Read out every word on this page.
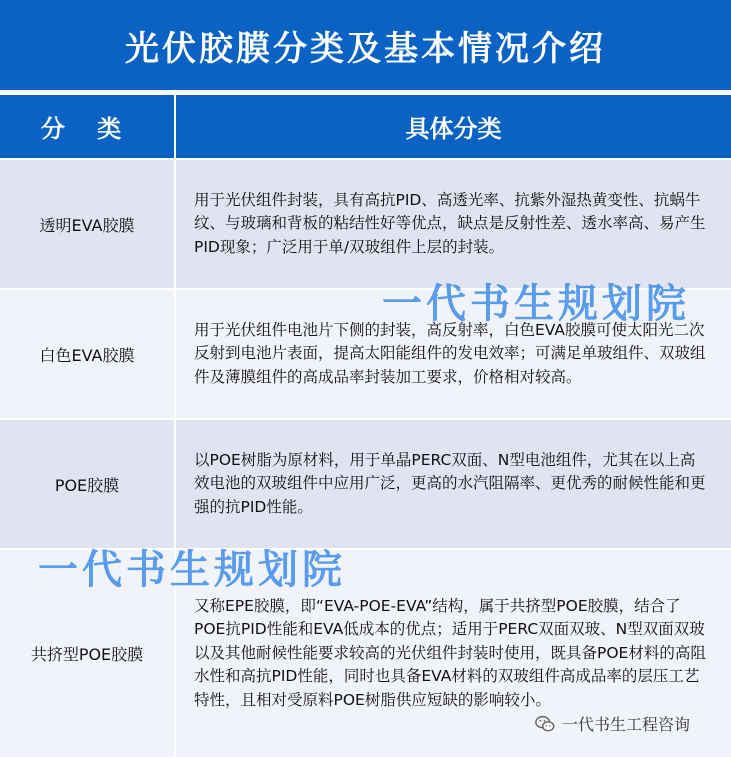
光伏胶膜分类及基本情况介绍
分 类	具体分类
透明EVA胶膜
用于光伏组件封装，具有高抗PID、高透光率、抗紫外湿热黄变性、抗蜗牛纹、与玻璃和背板的粘结性好等优点，缺点是反射性差、透水率高、易产生PID现象；广泛用于单/双玻组件上层的封装。
白色EVA胶膜
用于光伏组件电池片下侧的封装，高反射率，白色EVA胶膜可使太阳光二次反射到电池片表面，提高太阳能组件的发电效率；可满足单玻组件、双玻组件及薄膜组件的高成品率封装加工要求，价格相对较高。
POE胶膜
以POE树脂为原材料，用于单晶PERC双面、N型电池组件，尤其在以上高效电池的双玻组件中应用广泛，更高的水汽阻隔率、更优秀的耐候性能和更强的抗PID性能。
共挤型POE胶膜
又称EPE胶膜，即“EVA-POE-EVA”结构，属于共挤型POE胶膜，结合了POE抗PID性能和EVA低成本的优点；适用于PERC双面双玻、N型双面双玻以及其他耐候性能要求较高的光伏组件封装时使用，既具备POE材料的高阻水性和高抗PID性能，同时也具备EVA材料的双玻组件高成品率的层压工艺特性，且相对受原料POE树脂供应短缺的影响较小。
一代书生规划院
一代书生规划院
一代书生工程咨询
